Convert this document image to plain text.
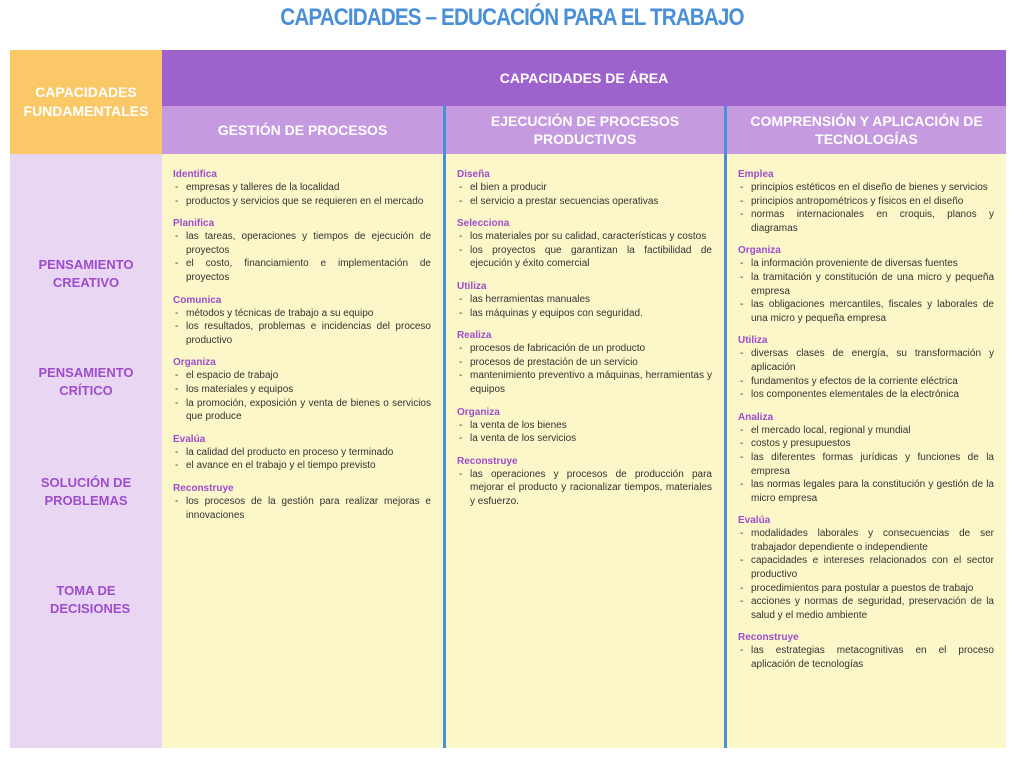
CAPACIDADES – EDUCACIÓN PARA EL TRABAJO
CAPACIDADES FUNDAMENTALES
CAPACIDADES DE ÁREA
GESTIÓN DE PROCESOS
EJECUCIÓN DE PROCESOS PRODUCTIVOS
COMPRENSIÓN Y APLICACIÓN DE TECNOLOGÍAS
PENSAMIENTO CREATIVO
PENSAMIENTO CRÍTICO
SOLUCIÓN DE PROBLEMAS
TOMA DE DECISIONES
Identifica
- empresas y talleres de la localidad
- productos y servicios que se requieren en el mercado
Planifica
- las tareas, operaciones y tiempos de ejecución de proyectos
- el costo, financiamiento e implementación de proyectos
Comunica
- métodos y técnicas de trabajo a su equipo
- los resultados, problemas e incidencias del proceso productivo
Organiza
- el espacio de trabajo
- los materiales y equipos
- la promoción, exposición y venta de bienes o servicios que produce
Evalúa
- la calidad del producto en proceso y terminado
- el avance en el trabajo y el tiempo previsto
Reconstruye
- los procesos de la gestión para realizar mejoras e innovaciones
Diseña
- el bien a producir
- el servicio a prestar secuencias operativas
Selecciona
- los materiales por su calidad, características y costos
- los proyectos que garantizan la factibilidad de ejecución y éxito comercial
Utiliza
- las herramientas manuales
- las máquinas y equipos con seguridad.
Realiza
- procesos de fabricación de un producto
- procesos de prestación de un servicio
- mantenimiento preventivo a máquinas, herramientas y equipos
Organiza
- la venta de los bienes
- la venta de los servicios
Reconstruye
- las operaciones y procesos de producción para mejorar el producto y racionalizar tiempos, materiales y esfuerzo.
Emplea
- principios estéticos en el diseño de bienes y servicios
- principios antropométricos y físicos en el diseño
- normas internacionales en croquis, planos y diagramas
Organiza
- la información proveniente de diversas fuentes
- la tramitación y constitución de una micro y pequeña empresa
- las obligaciones mercantiles, fiscales y laborales de una micro y pequeña empresa
Utiliza
- diversas clases de energía, su transformación y aplicación
- fundamentos y efectos de la corriente eléctrica
- los componentes elementales de la electrónica
Analiza
- el mercado local, regional y mundial
- costos y presupuestos
- las diferentes formas jurídicas y funciones de la empresa
- las normas legales para la constitución y gestión de la micro empresa
Evalúa
- modalidades laborales y consecuencias de ser trabajador dependiente o independiente
- capacidades e intereses relacionados con el sector productivo
- procedimientos para postular a puestos de trabajo
- acciones y normas de seguridad, preservación de la salud y el medio ambiente
Reconstruye
- las estrategias metacognitivas en el proceso aplicación de tecnologías
